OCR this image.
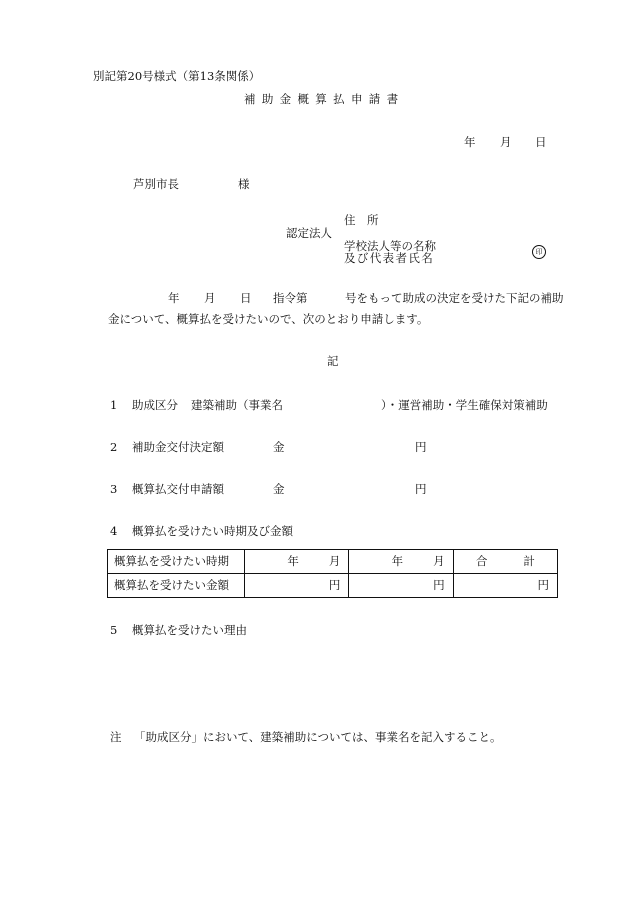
別記第20号様式（第13条関係）
補助金概算払申請書
年 月 日
芦別市長	様
認定法人
住　所
学校法人等の名称
及び代表者氏名	印
年 月 日 指令第	号をもって助成の決定を受けた下記の補助
金について、概算払を受けたいので、次のとおり申請します。
記
1 助成区分 建築補助（事業名	）・運営補助・学生確保対策補助
2 補助金交付決定額	金	円
3 概算払交付申請額	金	円
4 概算払を受けたい時期及び金額
概算払を受けたい時期	年 月	年 月	合 計

概算払を受けたい金額	円	円	円
5 概算払を受けたい理由
注 「助成区分」において、建築補助については、事業名を記入すること。
